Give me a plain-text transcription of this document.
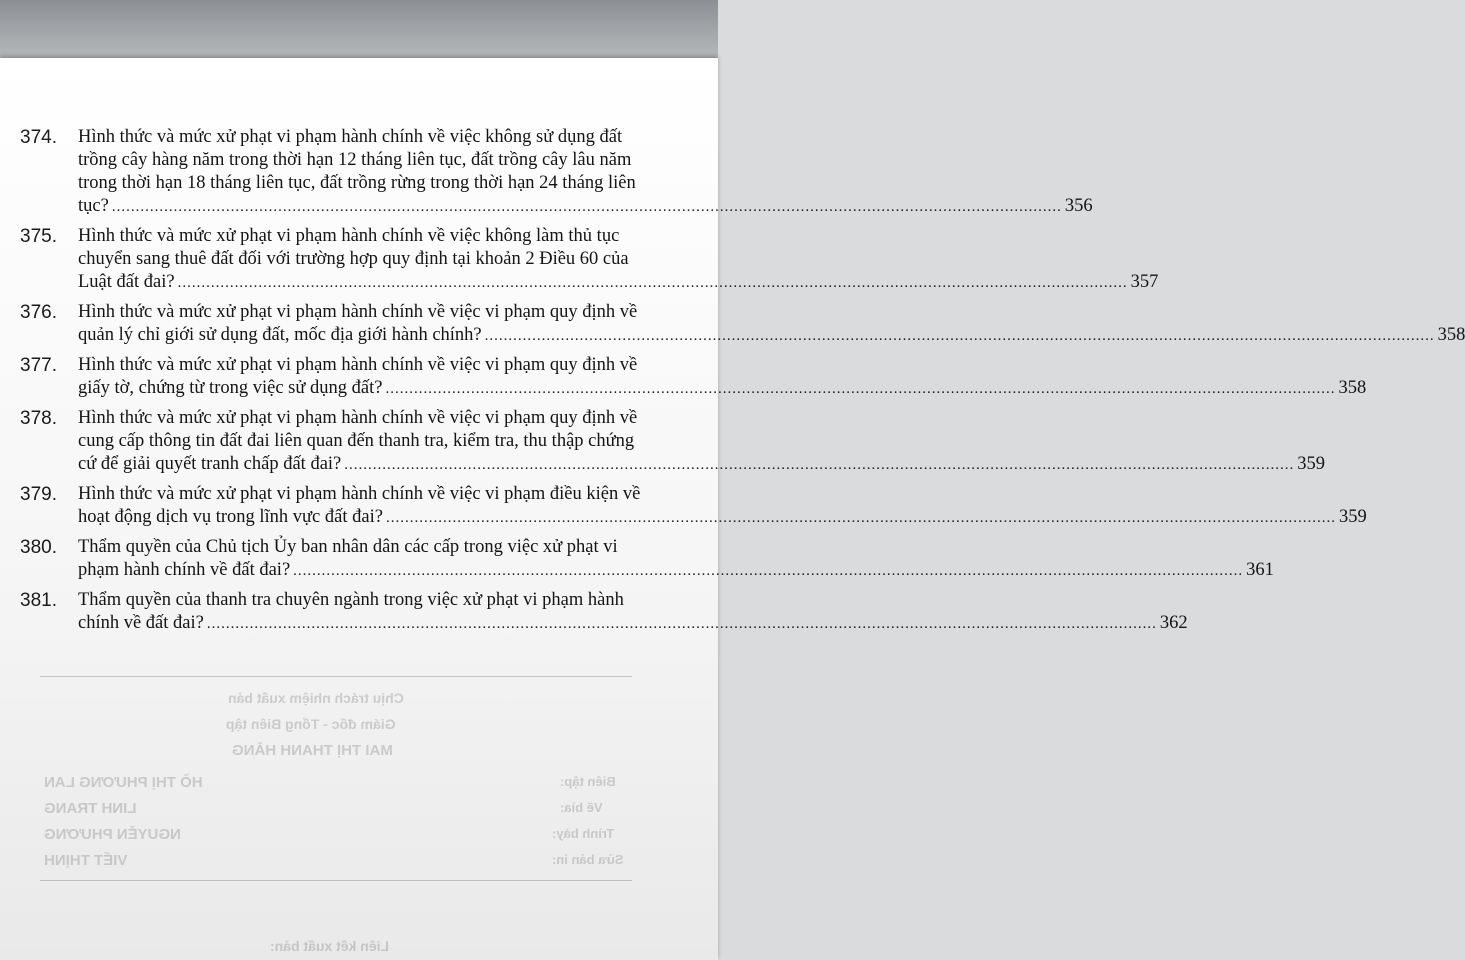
Chịu trách nhiệm xuất bản
Giám đốc - Tổng Biên tập
MAI THỊ THANH HẰNG
HỒ THỊ PHƯƠNG LAN
LINH TRANG
NGUYỄN PHƯƠNG
VIẾT THỊNH
Biên tập:
Vẽ bìa:
Trình bày:
Sửa bản in:
Liên kết xuất bản:
374. Hình thức và mức xử phạt vi phạm hành chính về việc không sử dụng đất
trồng cây hàng năm trong thời hạn 12 tháng liên tục, đất trồng cây lâu năm
trong thời hạn 18 tháng liên tục, đất trồng rừng trong thời hạn 24 tháng liên
tục? ........................................................................................................................................................................................................ 356
375. Hình thức và mức xử phạt vi phạm hành chính về việc không làm thủ tục
chuyển sang thuê đất đối với trường hợp quy định tại khoản 2 Điều 60 của
Luật đất đai? ........................................................................................................................................................................................................ 357
376. Hình thức và mức xử phạt vi phạm hành chính về việc vi phạm quy định về
quản lý chỉ giới sử dụng đất, mốc địa giới hành chính? ........................................................................................................................................................................................................ 358
377. Hình thức và mức xử phạt vi phạm hành chính về việc vi phạm quy định về
giấy tờ, chứng từ trong việc sử dụng đất? ........................................................................................................................................................................................................ 358
378. Hình thức và mức xử phạt vi phạm hành chính về việc vi phạm quy định về
cung cấp thông tin đất đai liên quan đến thanh tra, kiểm tra, thu thập chứng
cứ để giải quyết tranh chấp đất đai? ........................................................................................................................................................................................................ 359
379. Hình thức và mức xử phạt vi phạm hành chính về việc vi phạm điều kiện về
hoạt động dịch vụ trong lĩnh vực đất đai? ........................................................................................................................................................................................................ 359
380. Thẩm quyền của Chủ tịch Ủy ban nhân dân các cấp trong việc xử phạt vi
phạm hành chính về đất đai? ........................................................................................................................................................................................................ 361
381. Thẩm quyền của thanh tra chuyên ngành trong việc xử phạt vi phạm hành
chính về đất đai? ........................................................................................................................................................................................................ 362
